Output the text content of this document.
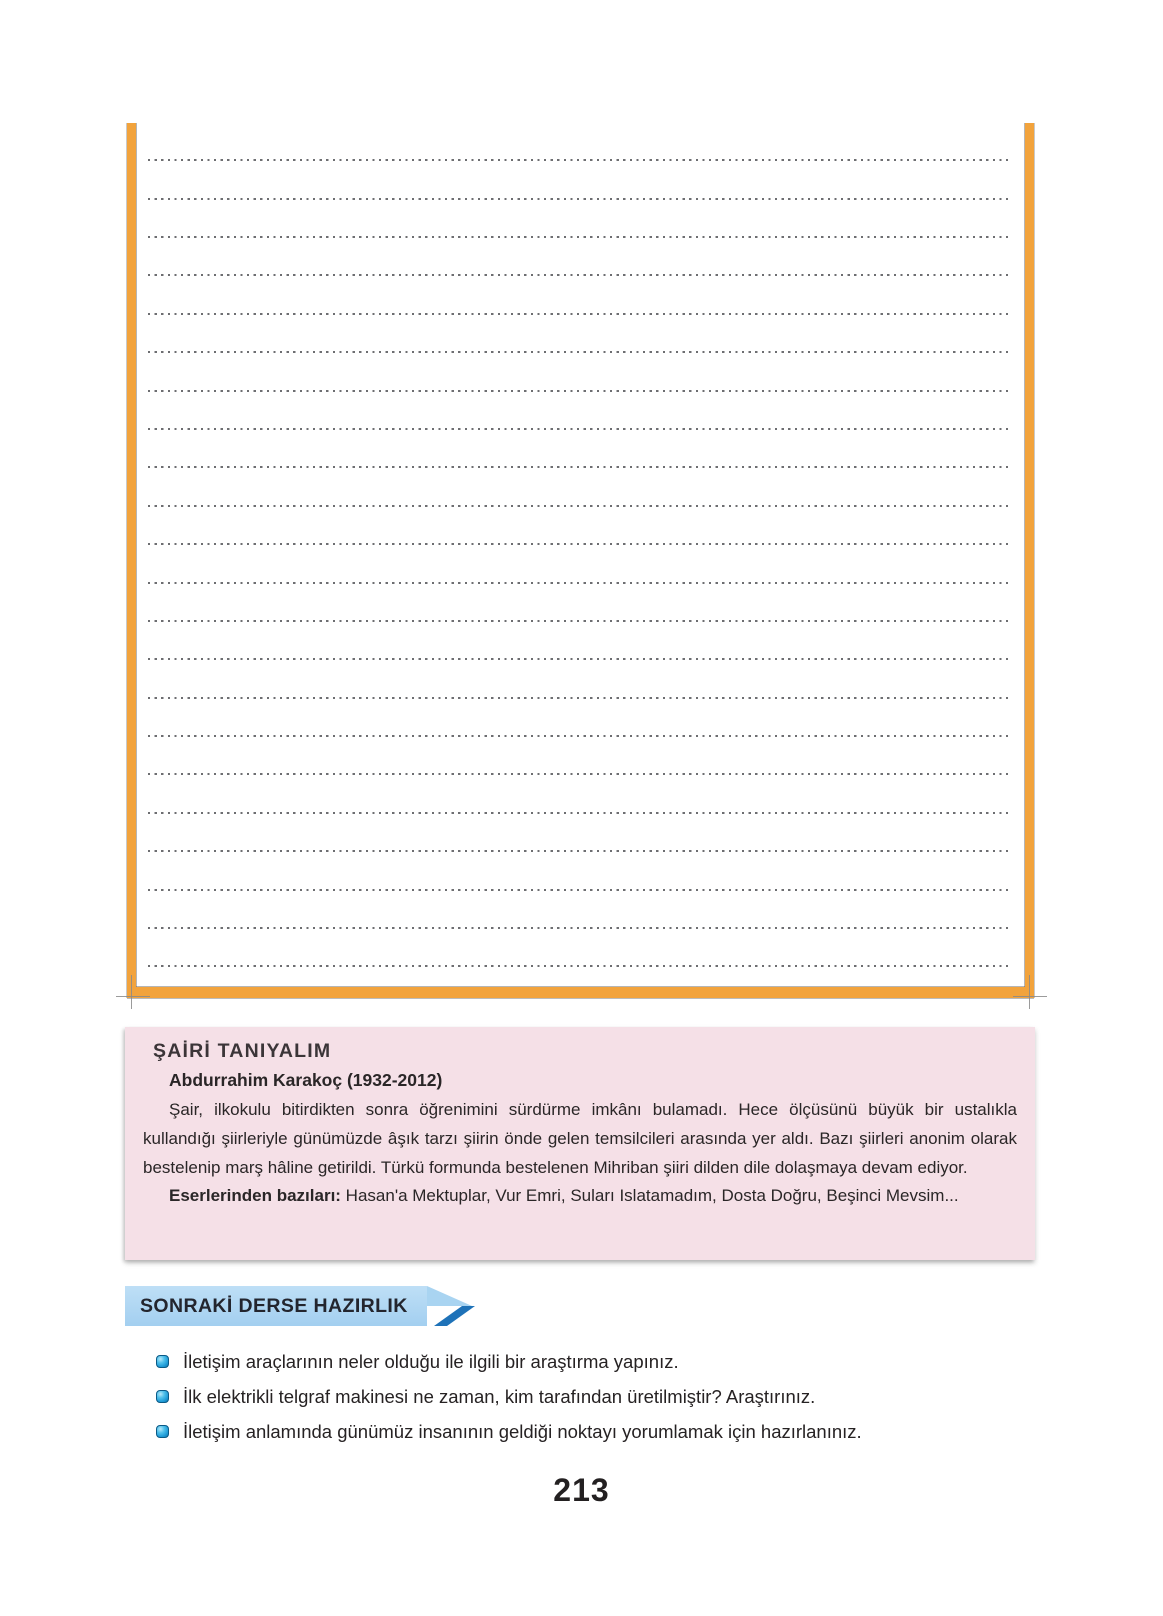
ŞAİRİ TANIYALIM
Abdurrahim Karakoç (1932-2012)

Şair, ilkokulu bitirdikten sonra öğrenimini sürdürme imkânı bulamadı. Hece ölçüsünü büyük bir ustalıkla kullandığı şiirleriyle günümüzde âşık tarzı şiirin önde gelen temsilcileri arasında yer aldı. Bazı şiirleri anonim olarak bestelenip marş hâline getirildi. Türkü formunda bestelenen Mihriban şiiri dilden dile dolaşmaya devam ediyor.

Eserlerinden bazıları: Hasan'a Mektuplar, Vur Emri, Suları Islatamadım, Dosta Doğru, Beşinci Mevsim...

SONRAKİ DERSE HAZIRLIK
İletişim araçlarının neler olduğu ile ilgili bir araştırma yapınız.
İlk elektrikli telgraf makinesi ne zaman, kim tarafından üretilmiştir? Araştırınız.
İletişim anlamında günümüz insanının geldiği noktayı yorumlamak için hazırlanınız.
213
